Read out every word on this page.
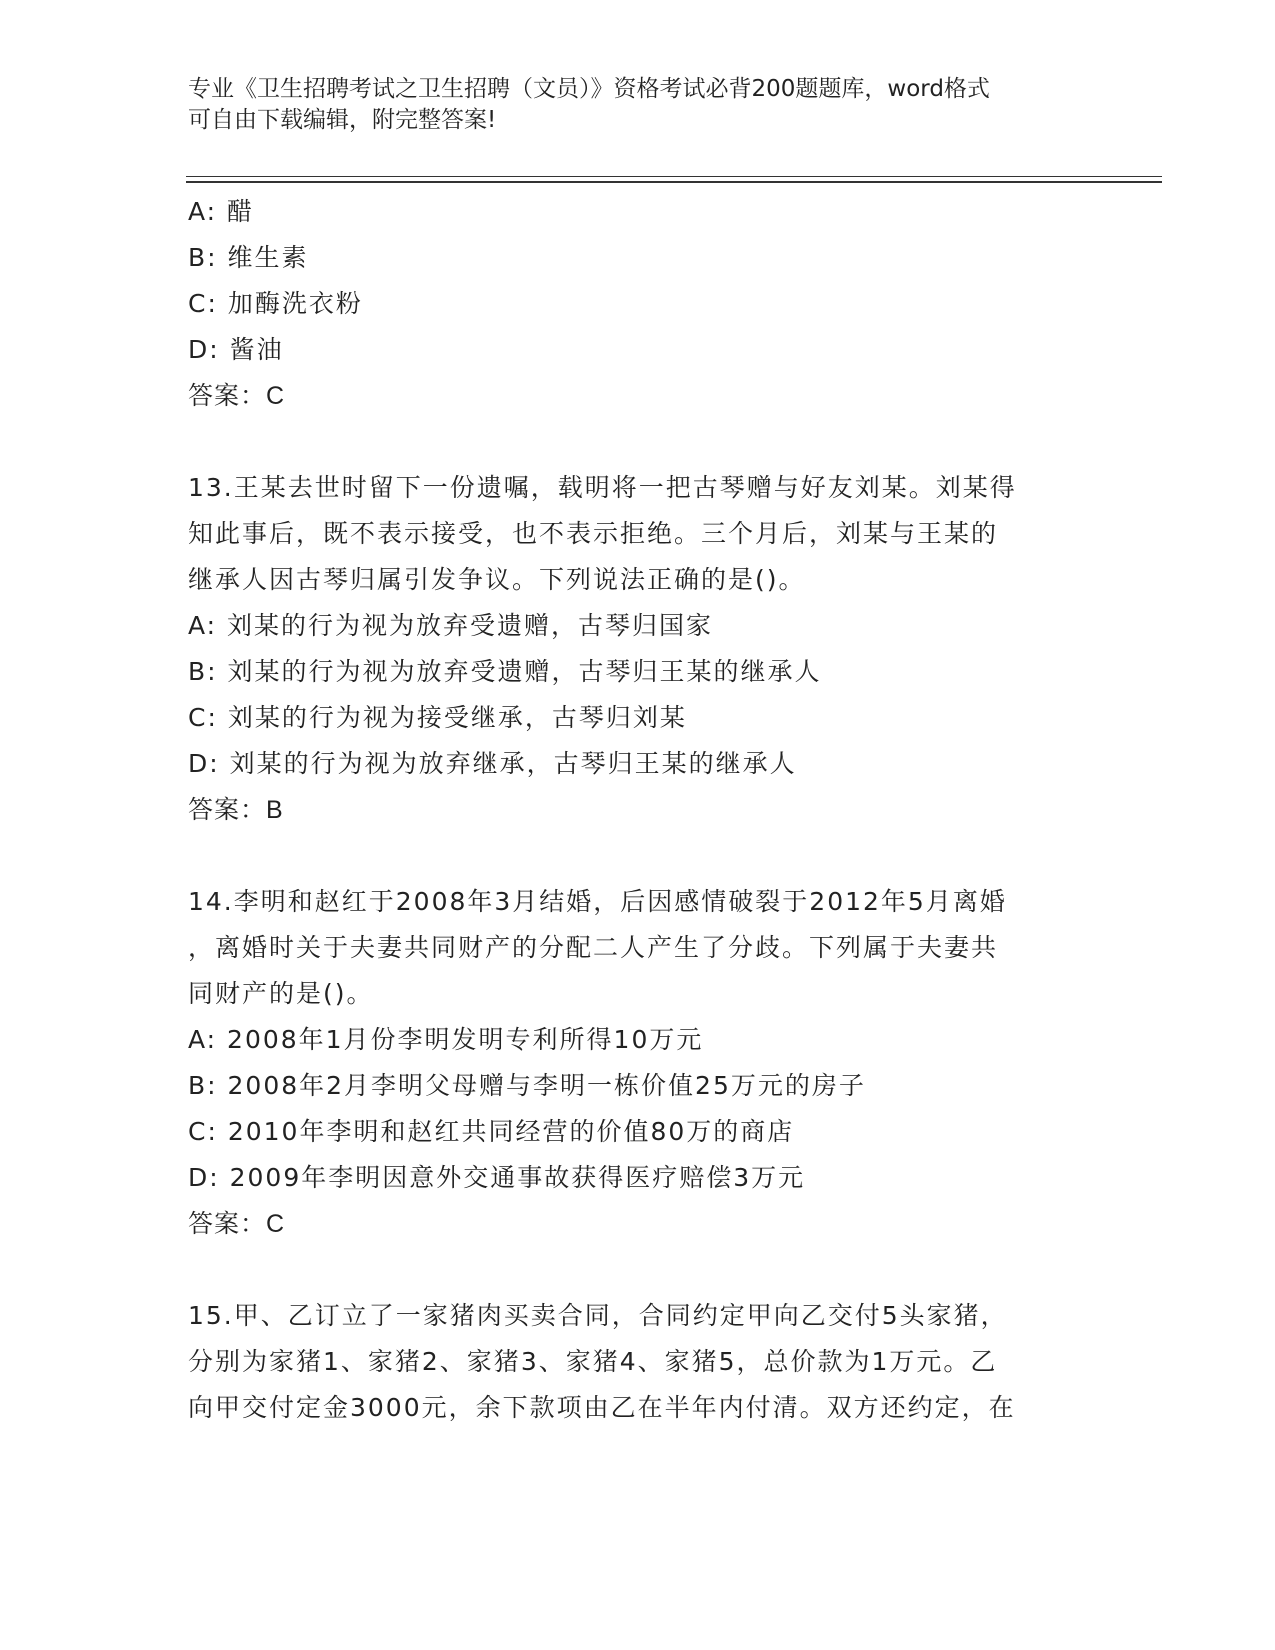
专业《卫生招聘考试之卫生招聘（文员）》资格考试必背200题题库，word格式
可自由下载编辑，附完整答案!
A: 醋
B: 维生素
C: 加酶洗衣粉
D: 酱油
答案：C
13.王某去世时留下一份遗嘱，载明将一把古琴赠与好友刘某。刘某得
知此事后，既不表示接受，也不表示拒绝。三个月后，刘某与王某的
继承人因古琴归属引发争议。下列说法正确的是()。
A: 刘某的行为视为放弃受遗赠，古琴归国家
B: 刘某的行为视为放弃受遗赠，古琴归王某的继承人
C: 刘某的行为视为接受继承，古琴归刘某
D: 刘某的行为视为放弃继承，古琴归王某的继承人
答案：B
14.李明和赵红于2008年3月结婚，后因感情破裂于2012年5月离婚
，离婚时关于夫妻共同财产的分配二人产生了分歧。下列属于夫妻共
同财产的是()。
A: 2008年1月份李明发明专利所得10万元
B: 2008年2月李明父母赠与李明一栋价值25万元的房子
C: 2010年李明和赵红共同经营的价值80万的商店
D: 2009年李明因意外交通事故获得医疗赔偿3万元
答案：C
15.甲、乙订立了一家猪肉买卖合同，合同约定甲向乙交付5头家猪，
分别为家猪1、家猪2、家猪3、家猪4、家猪5，总价款为1万元。乙
向甲交付定金3000元，余下款项由乙在半年内付清。双方还约定，在
